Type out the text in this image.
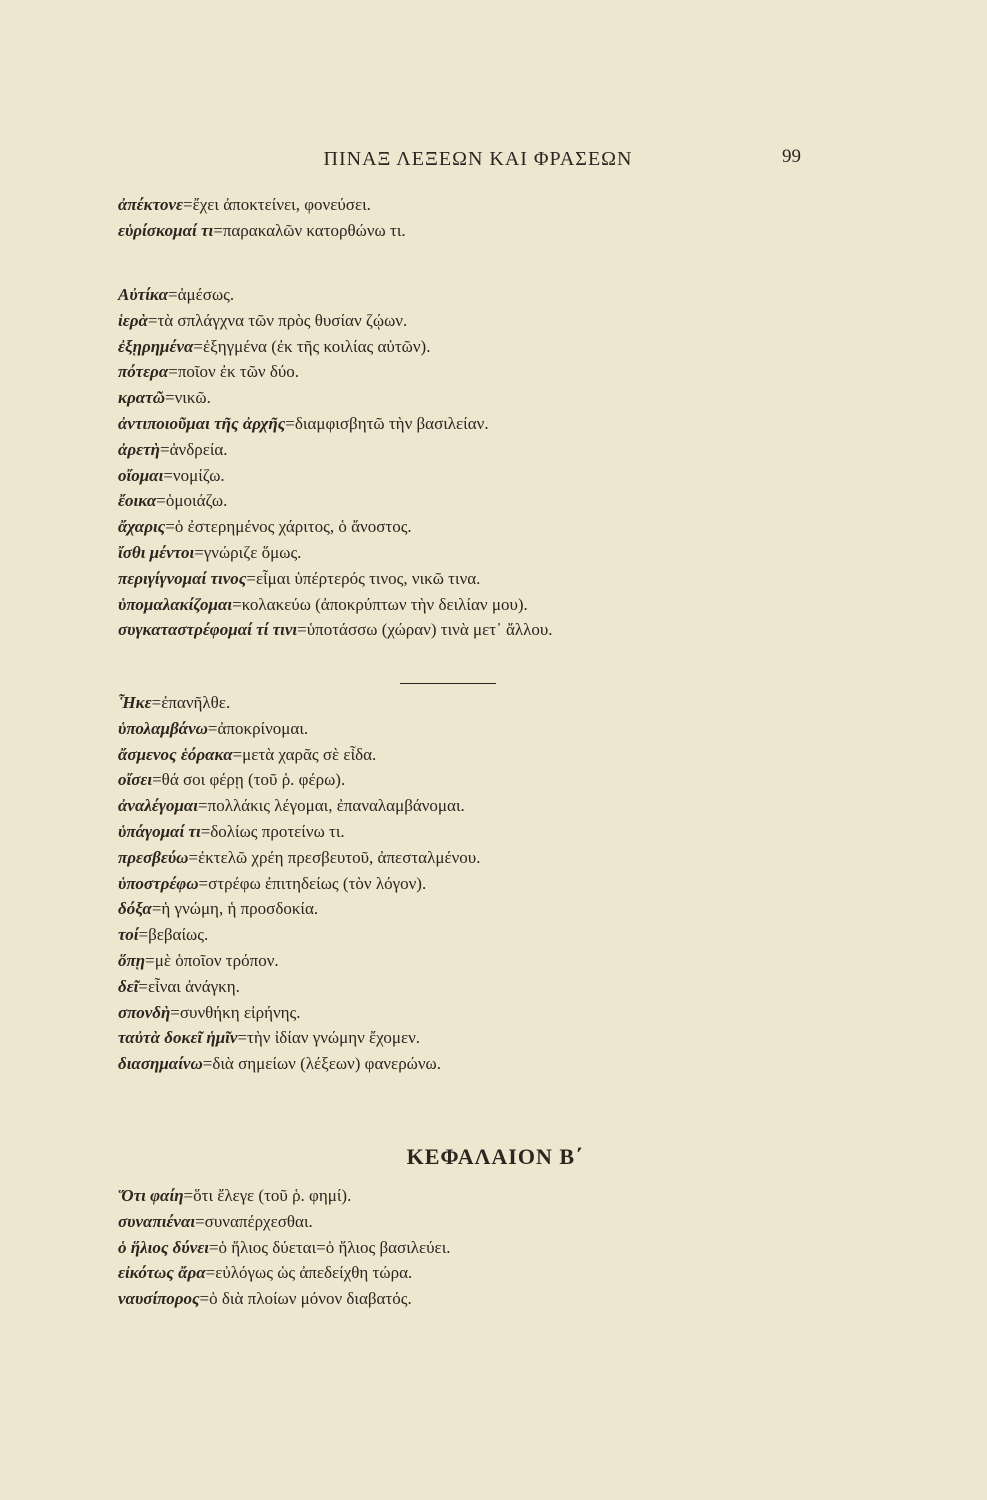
ΠΙΝΑΞ ΛΕΞΕΩΝ ΚΑΙ ΦΡΑΣΕΩΝ	99
ἀπέκτονε=ἔχει ἀποκτείνει, φονεύσει.
εὑρίσκομαί τι=παρακαλῶν κατορθώνω τι.
Αὐτίκα=ἀμέσως.
ἱερὰ=τὰ σπλάγχνα τῶν πρὸς θυσίαν ζῴων.
ἐξῃρημένα=ἐξηγμένα (ἐκ τῆς κοιλίας αὐτῶν).
πότερα=ποῖον ἐκ τῶν δύο.
κρατῶ=νικῶ.
ἀντιποιοῦμαι τῆς ἀρχῆς=διαμφισβητῶ τὴν βασιλείαν.
ἀρετὴ=ἀνδρεία.
οἴομαι=νομίζω.
ἔοικα=ὁμοιάζω.
ἄχαρις=ὁ ἐστερημένος χάριτος, ὁ ἄνοστος.
ἴσθι μέντοι=γνώριζε ὅμως.
περιγίγνομαί τινος=εἶμαι ὑπέρτερός τινος, νικῶ τινα.
ὑπομαλακίζομαι=κολακεύω (ἀποκρύπτων τὴν δειλίαν μου).
συγκαταστρέφομαί τί τινι=ὑποτάσσω (χώραν) τινὰ μετ᾽ ἄλλου.
Ἧκε=ἐπανῆλθε.
ὑπολαμβάνω=ἀποκρίνομαι.
ἄσμενος ἑόρακα=μετὰ χαρᾶς σὲ εἶδα.
οἴσει=θά σοι φέρῃ (τοῦ ῥ. φέρω).
ἀναλέγομαι=πολλάκις λέγομαι, ἐπαναλαμβάνομαι.
ὑπάγομαί τι=δολίως προτείνω τι.
πρεσβεύω=ἐκτελῶ χρέη πρεσβευτοῦ, ἀπεσταλμένου.
ὑποστρέφω=στρέφω ἐπιτηδείως (τὸν λόγον).
δόξα=ἡ γνώμη, ἡ προσδοκία.
τοί=βεβαίως.
ὅπῃ=μὲ ὁποῖον τρόπον.
δεῖ=εἶναι ἀνάγκη.
σπονδὴ=συνθήκη εἰρήνης.
ταὐτὰ δοκεῖ ἡμῖν=τὴν ἰδίαν γνώμην ἔχομεν.
διασημαίνω=διὰ σημείων (λέξεων) φανερώνω.
ΚΕΦΑΛΑΙΟΝ Β΄
Ὅτι φαίη=ὅτι ἔλεγε (τοῦ ῥ. φημί).
συναπιέναι=συναπέρχεσθαι.
ὁ ἥλιος δύνει=ὁ ἥλιος δύεται=ὁ ἥλιος βασιλεύει.
εἰκότως ἄρα=εὐλόγως ὡς ἀπεδείχθη τώρα.
ναυσίπορος=ὁ διὰ πλοίων μόνον διαβατός.
